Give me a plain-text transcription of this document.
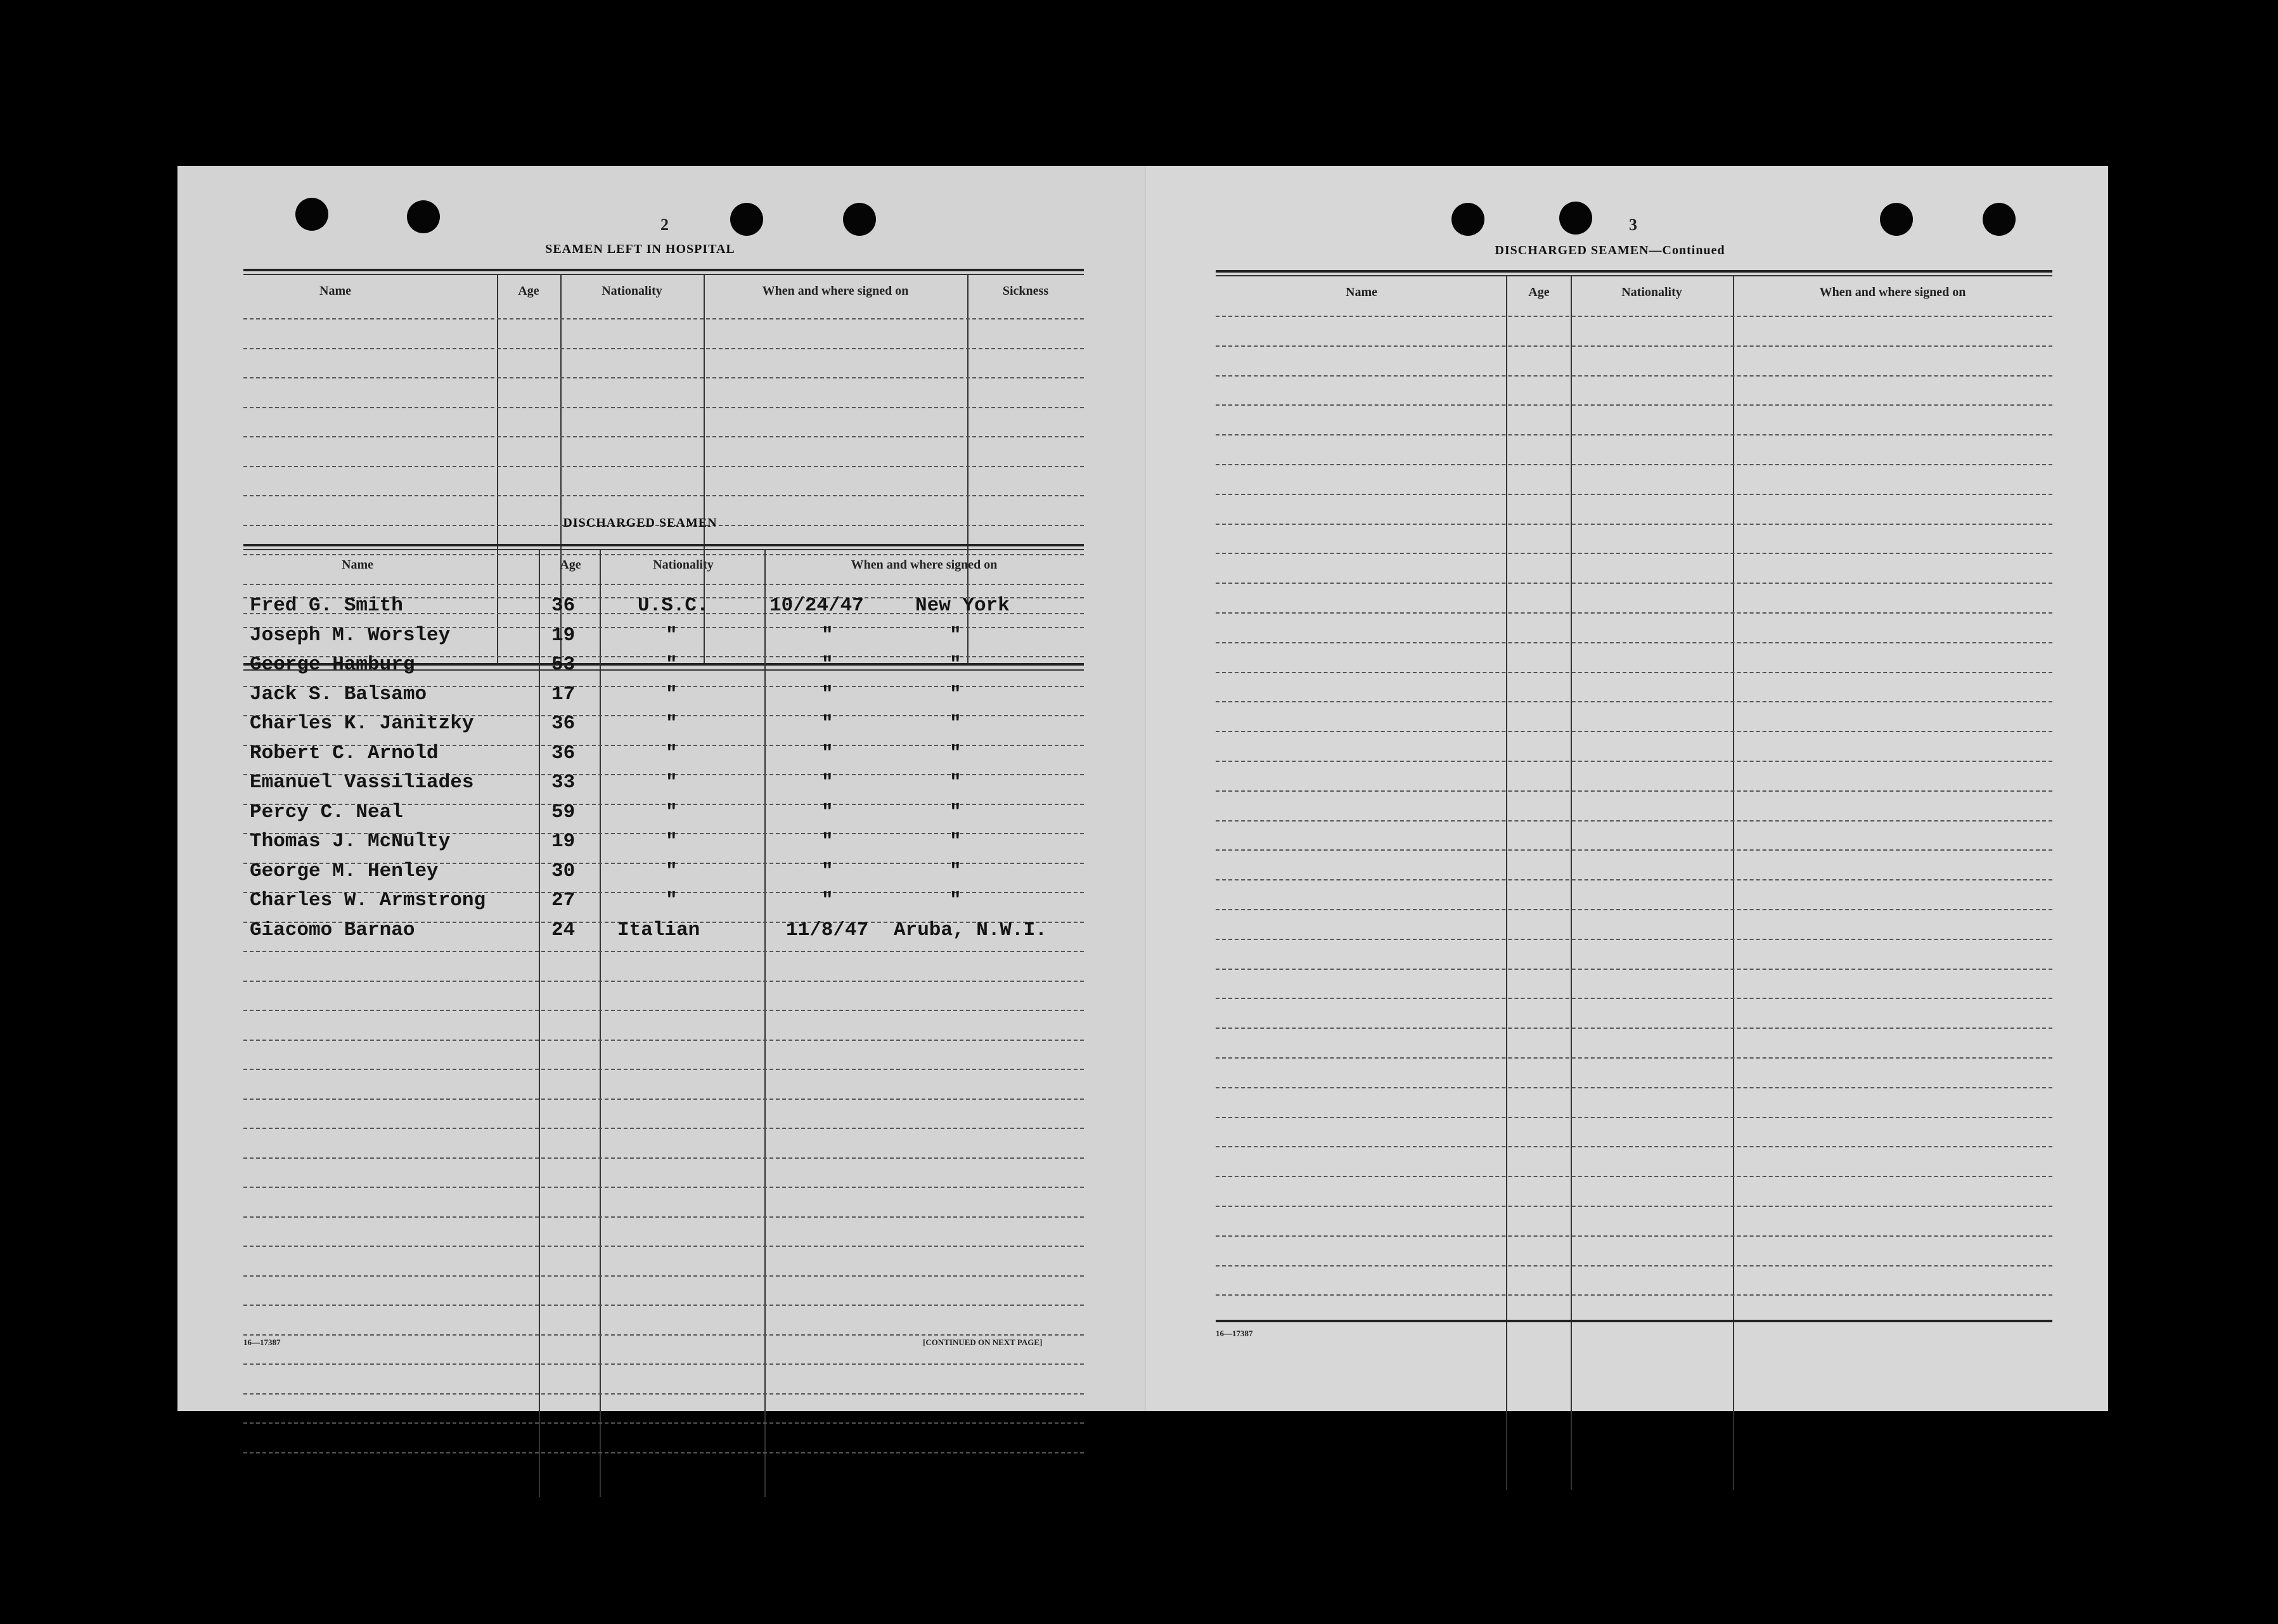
2
SEAMEN LEFT IN HOSPITAL
Name	Age	Nationality	When and where signed on	Sickness
DISCHARGED SEAMEN
Name	Age	Nationality	When and where signed on
Fred G. Smith	36	U.S.C.	10/24/47	New York
Joseph M. Worsley	19	"	"	"
George Hamburg	53	"	"	"
Jack S. Balsamo	17	"	"	"
Charles K. Janitzky	36	"	"	"
Robert C. Arnold	36	"	"	"
Emanuel Vassiliades	33	"	"	"
Percy C. Neal	59	"	"	"
Thomas J. McNulty	19	"	"	"
George M. Henley	30	"	"	"
Charles W. Armstrong	27	"	"	"
Giacomo Barnao	24 Italian	11/8/47 Aruba, N.W.I.
16—17387	[CONTINUED ON NEXT PAGE]
3
DISCHARGED SEAMEN—Continued
Name	Age	Nationality	When and where signed on
16—17387
